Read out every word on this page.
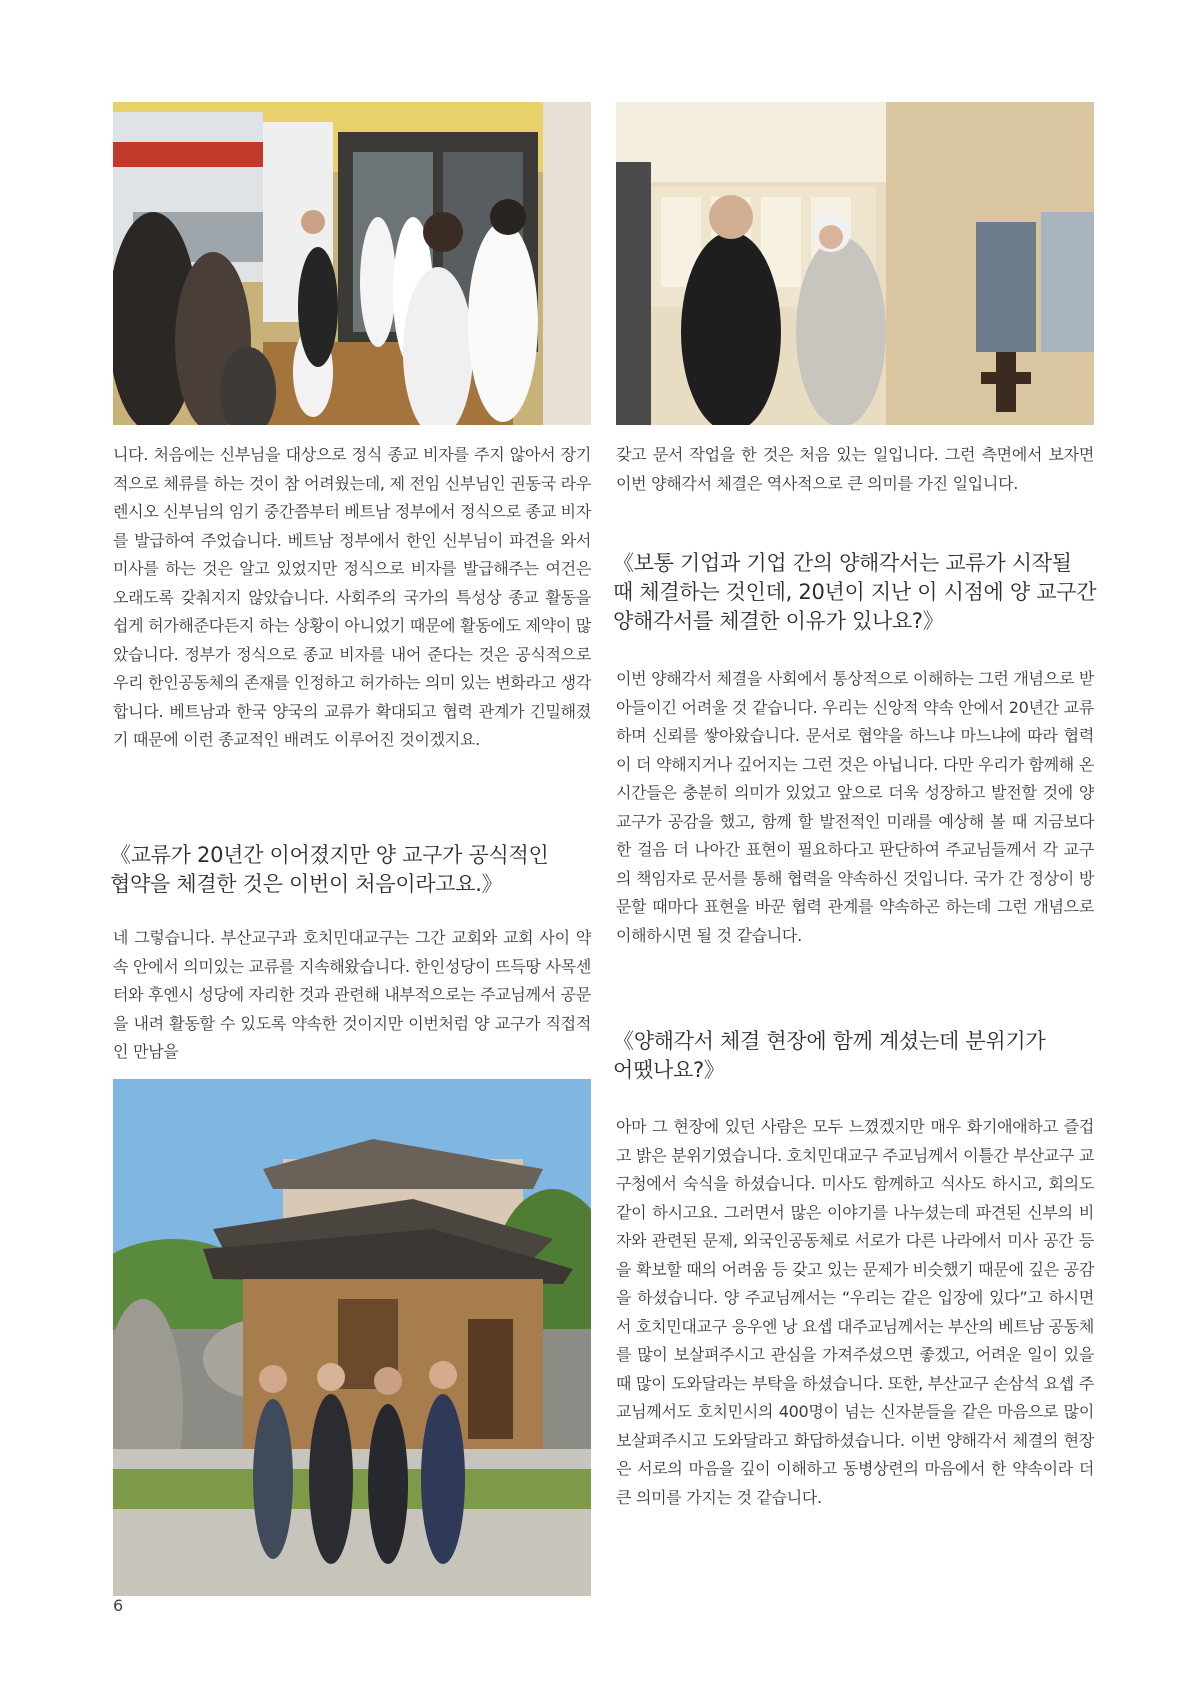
니다. 처음에는 신부님을 대상으로 정식 종교 비자를 주지 않아서 장기적으로 체류를 하는 것이 참 어려웠는데, 제 전임 신부님인 권동국 라우렌시오 신부님의 임기 중간쯤부터 베트남 정부에서 정식으로 종교 비자를 발급하여 주었습니다. 베트남 정부에서 한인 신부님이 파견을 와서 미사를 하는 것은 알고 있었지만 정식으로 비자를 발급해주는 여건은 오래도록 갖춰지지 않았습니다. 사회주의 국가의 특성상 종교 활동을 쉽게 허가해준다든지 하는 상황이 아니었기 때문에 활동에도 제약이 많았습니다. 정부가 정식으로 종교 비자를 내어 준다는 것은 공식적으로 우리 한인공동체의 존재를 인정하고 허가하는 의미 있는 변화라고 생각합니다. 베트남과 한국 양국의 교류가 확대되고 협력 관계가 긴밀해졌기 때문에 이런 종교적인 배려도 이루어진 것이겠지요.

《교류가 20년간 이어졌지만 양 교구가 공식적인 협약을 체결한 것은 이번이 처음이라고요.》

네 그렇습니다. 부산교구과 호치민대교구는 그간 교회와 교회 사이 약속 안에서 의미있는 교류를 지속해왔습니다. 한인성당이 뜨득땅 사목센터와 후엔시 성당에 자리한 것과 관련해 내부적으로는 주교님께서 공문을 내려 활동할 수 있도록 약속한 것이지만 이번처럼 양 교구가 직접적인 만남을

갖고 문서 작업을 한 것은 처음 있는 일입니다. 그런 측면에서 보자면 이번 양해각서 체결은 역사적으로 큰 의미를 가진 일입니다.

《보통 기업과 기업 간의 양해각서는 교류가 시작될 때 체결하는 것인데, 20년이 지난 이 시점에 양 교구간 양해각서를 체결한 이유가 있나요?》

이번 양해각서 체결을 사회에서 통상적으로 이해하는 그런 개념으로 받아들이긴 어려울 것 같습니다. 우리는 신앙적 약속 안에서 20년간 교류하며 신뢰를 쌓아왔습니다. 문서로 협약을 하느냐 마느냐에 따라 협력이 더 약해지거나 깊어지는 그런 것은 아닙니다. 다만 우리가 함께해 온 시간들은 충분히 의미가 있었고 앞으로 더욱 성장하고 발전할 것에 양 교구가 공감을 했고, 함께 할 발전적인 미래를 예상해 볼 때 지금보다 한 걸음 더 나아간 표현이 필요하다고 판단하여 주교님들께서 각 교구의 책임자로 문서를 통해 협력을 약속하신 것입니다. 국가 간 정상이 방문할 때마다 표현을 바꾼 협력 관계를 약속하곤 하는데 그런 개념으로 이해하시면 될 것 같습니다.

《양해각서 체결 현장에 함께 계셨는데 분위기가 어땠나요?》

아마 그 현장에 있던 사람은 모두 느꼈겠지만 매우 화기애애하고 즐겁고 밝은 분위기였습니다. 호치민대교구 주교님께서 이틀간 부산교구 교구청에서 숙식을 하셨습니다. 미사도 함께하고 식사도 하시고, 회의도 같이 하시고요. 그러면서 많은 이야기를 나누셨는데 파견된 신부의 비자와 관련된 문제, 외국인공동체로 서로가 다른 나라에서 미사 공간 등을 확보할 때의 어려움 등 갖고 있는 문제가 비슷했기 때문에 깊은 공감을 하셨습니다. 양 주교님께서는 “우리는 같은 입장에 있다”고 하시면서 호치민대교구 응우엔 낭 요셉 대주교님께서는 부산의 베트남 공동체를 많이 보살펴주시고 관심을 가져주셨으면 좋겠고, 어려운 일이 있을 때 많이 도와달라는 부탁을 하셨습니다. 또한, 부산교구 손삼석 요셉 주교님께서도 호치민시의 400명이 넘는 신자분들을 같은 마음으로 많이 보살펴주시고 도와달라고 화답하셨습니다. 이번 양해각서 체결의 현장은 서로의 마음을 깊이 이해하고 동병상련의 마음에서 한 약속이라 더 큰 의미를 가지는 것 같습니다.

6
